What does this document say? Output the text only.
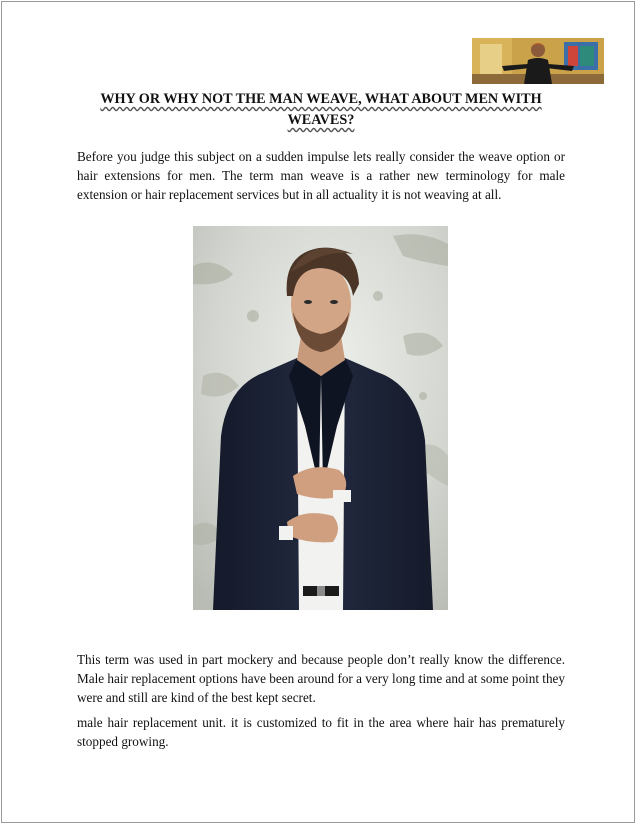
WHY OR WHY NOT THE MAN WEAVE, WHAT ABOUT MEN WITH WEAVES?

Before you judge this subject on a sudden impulse lets really consider the weave option or hair extensions for men. The term man weave is a rather new terminology for male extension or hair replacement services but in all actuality it is not weaving at all.

This term was used in part mockery and because people don’t really know the difference. Male hair replacement options have been around for a very long time and at some point they were and still are kind of the best kept secret.

male hair replacement unit. it is customized to fit in the area where hair has prematurely stopped growing.
